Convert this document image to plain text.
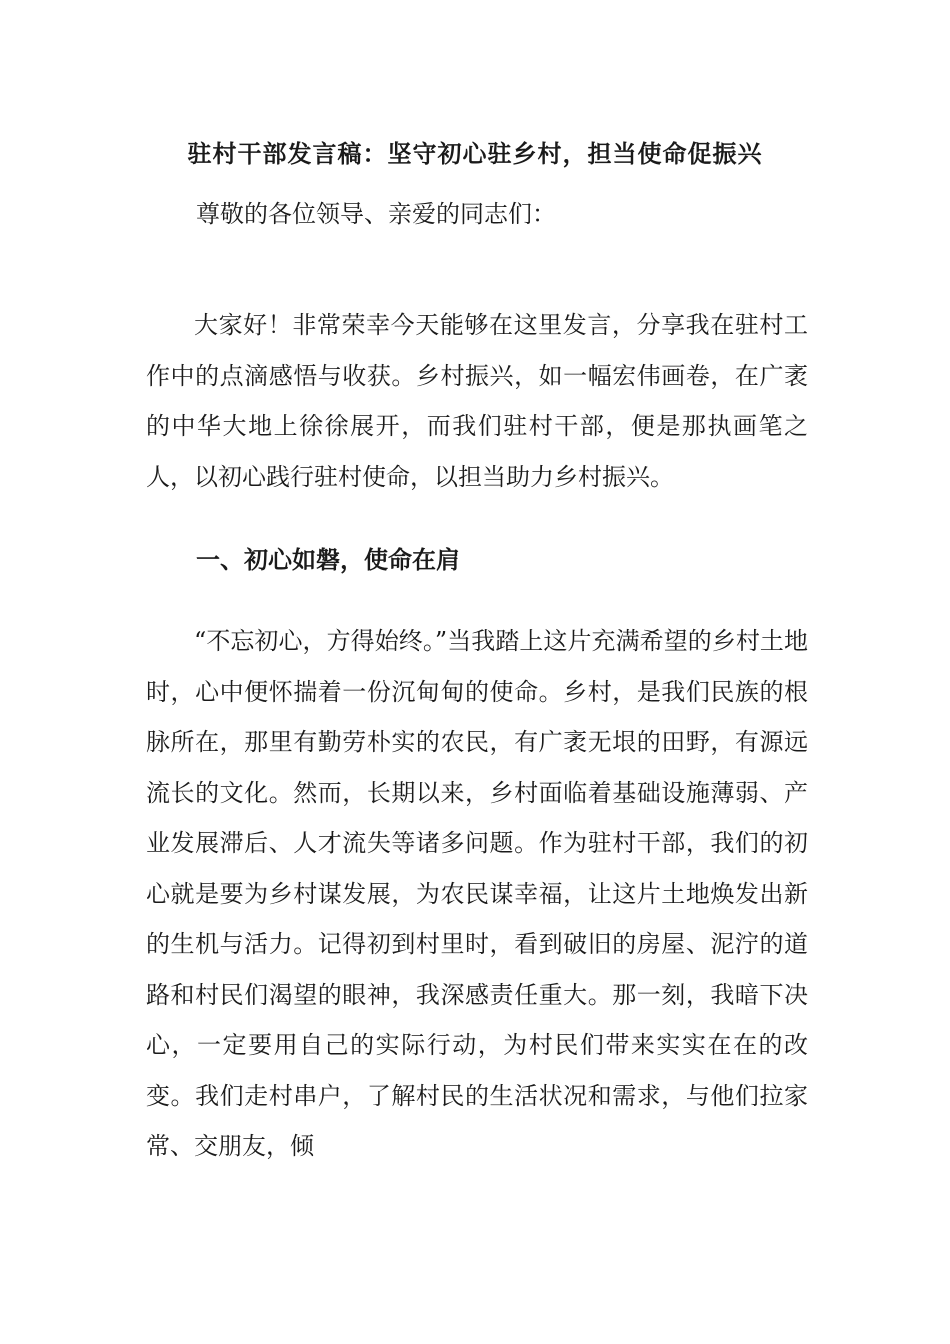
驻村干部发言稿：坚守初心驻乡村，担当使命促振兴
尊敬的各位领导、亲爱的同志们：

大家好！非常荣幸今天能够在这里发言，分享我在驻村工作中的点滴感悟与收获。乡村振兴，如一幅宏伟画卷，在广袤的中华大地上徐徐展开，而我们驻村干部，便是那执画笔之人，以初心践行驻村使命，以担当助力乡村振兴。

一、初心如磐，使命在肩

“不忘初心，方得始终。”当我踏上这片充满希望的乡村土地时，心中便怀揣着一份沉甸甸的使命。乡村，是我们民族的根脉所在，那里有勤劳朴实的农民，有广袤无垠的田野，有源远流长的文化。然而，长期以来，乡村面临着基础设施薄弱、产业发展滞后、人才流失等诸多问题。作为驻村干部，我们的初心就是要为乡村谋发展，为农民谋幸福，让这片土地焕发出新的生机与活力。记得初到村里时，看到破旧的房屋、泥泞的道路和村民们渴望的眼神，我深感责任重大。那一刻，我暗下决心，一定要用自己的实际行动，为村民们带来实实在在的改变。我们走村串户，了解村民的生活状况和需求，与他们拉家常、交朋友，倾
